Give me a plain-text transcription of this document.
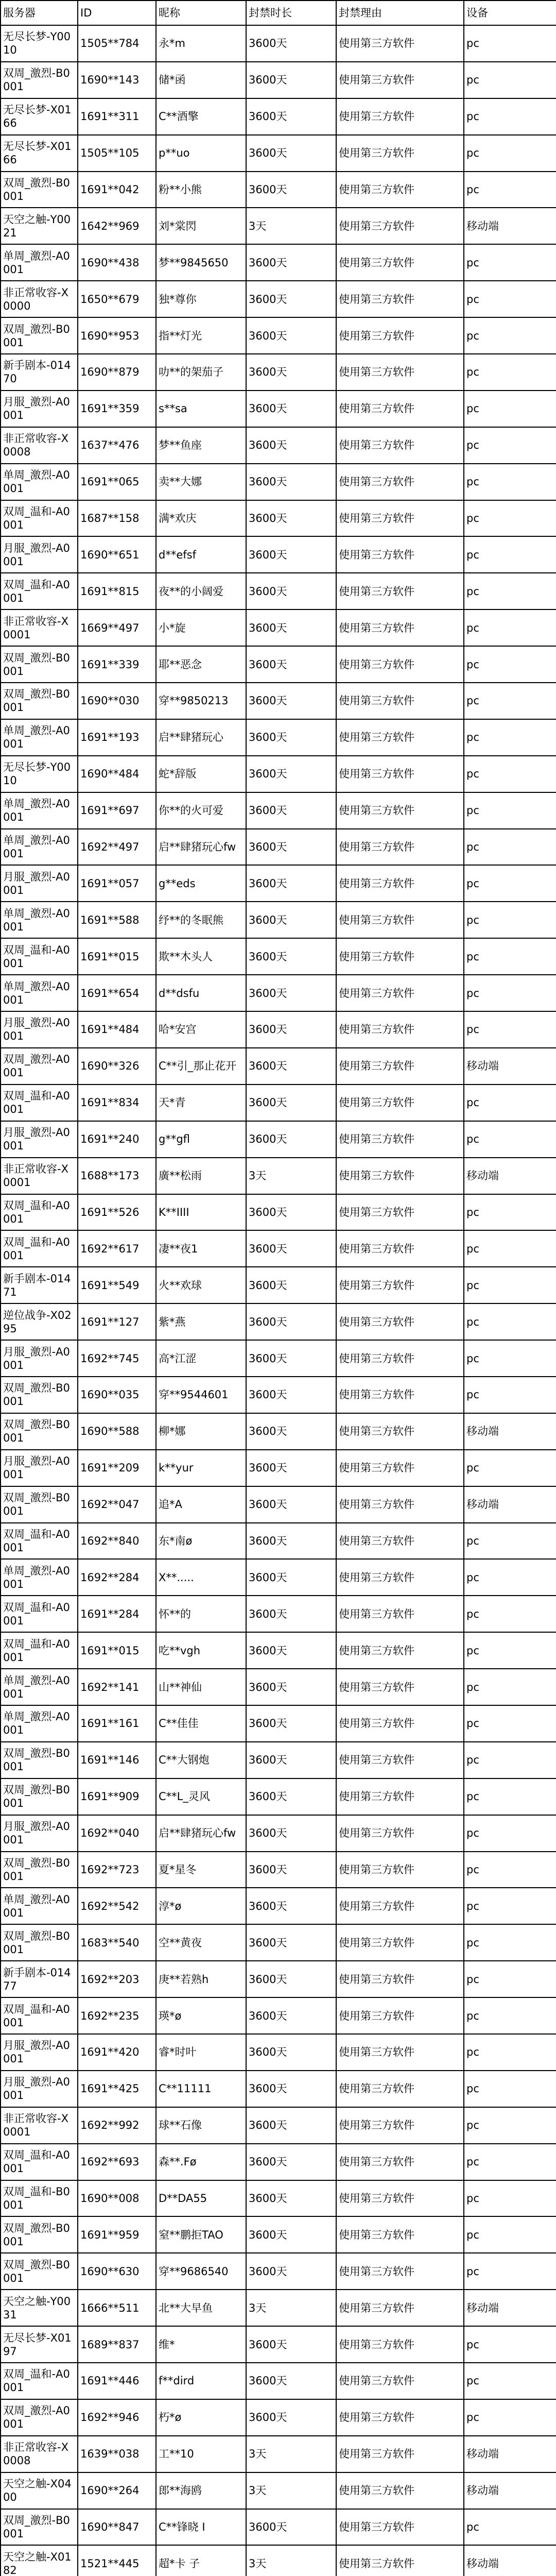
服务器	ID	昵称	封禁时长	封禁理由	设备
无尽长梦-Y0010	1505**784	永*m	3600天	使用第三方软件	pc
双周_激烈-B0001	1690**143	储*函	3600天	使用第三方软件	pc
无尽长梦-X0166	1691**311	C**酒擎	3600天	使用第三方软件	pc
无尽长梦-X0166	1505**105	p**uo	3600天	使用第三方软件	pc
双周_激烈-B0001	1691**042	粉**小熊	3600天	使用第三方软件	pc
天空之触-Y0021	1642**969	刘*棠閃	3天	使用第三方软件	移动端
单周_激烈-A0001	1690**438	梦**9845650	3600天	使用第三方软件	pc
非正常收容-X0000	1650**679	独*尊你	3600天	使用第三方软件	pc
双周_激烈-B0001	1690**953	指**灯光	3600天	使用第三方软件	pc
新手剧本-01470	1690**879	叻**的架茄子	3600天	使用第三方软件	pc
月服_激烈-A0001	1691**359	s**sa	3600天	使用第三方软件	pc
非正常收容-X0008	1637**476	梦**鱼座	3600天	使用第三方软件	pc
单周_激烈-A0001	1691**065	卖**大娜	3600天	使用第三方软件	pc
双周_温和-A0001	1687**158	满*欢庆	3600天	使用第三方软件	pc
月服_激烈-A0001	1690**651	d**efsf	3600天	使用第三方软件	pc
双周_温和-A0001	1691**815	夜**的小阔爱	3600天	使用第三方软件	pc
非正常收容-X0001	1669**497	小*旋	3600天	使用第三方软件	pc
双周_激烈-B0001	1691**339	耶**恶念	3600天	使用第三方软件	pc
双周_激烈-B0001	1690**030	穿**9850213	3600天	使用第三方软件	pc
单周_激烈-A0001	1691**193	启**肆猪玩心	3600天	使用第三方软件	pc
无尽长梦-Y0010	1690**484	蛇*辞版	3600天	使用第三方软件	pc
单周_激烈-A0001	1691**697	你**的火可爱	3600天	使用第三方软件	pc
单周_激烈-A0001	1692**497	启**肆猪玩心fw	3600天	使用第三方软件	pc
月服_激烈-A0001	1691**057	g**eds	3600天	使用第三方软件	pc
单周_激烈-A0001	1691**588	纾**的冬眠熊	3600天	使用第三方软件	pc
双周_温和-A0001	1691**015	欺**木头人	3600天	使用第三方软件	pc
单周_激烈-A0001	1691**654	d**dsfu	3600天	使用第三方软件	pc
月服_激烈-A0001	1691**484	哈*安宫	3600天	使用第三方软件	pc
双周_激烈-A0001	1690**326	C**引_那止花开	3600天	使用第三方软件	移动端
双周_温和-A0001	1691**834	天*青	3600天	使用第三方软件	pc
月服_激烈-A0001	1691**240	g**gfl	3600天	使用第三方软件	pc
非正常收容-X0001	1688**173	廣**松雨	3天	使用第三方软件	移动端
双周_温和-A0001	1691**526	K**IIII	3600天	使用第三方软件	pc
双周_温和-A0001	1692**617	凄**夜1	3600天	使用第三方软件	pc
新手剧本-01471	1691**549	火**欢球	3600天	使用第三方软件	pc
逆位战争-X0295	1691**127	紫*燕	3600天	使用第三方软件	pc
月服_激烈-A0001	1692**745	高*江涩	3600天	使用第三方软件	pc
双周_激烈-B0001	1690**035	穿**9544601	3600天	使用第三方软件	pc
双周_激烈-B0001	1690**588	柳*娜	3600天	使用第三方软件	移动端
月服_激烈-A0001	1691**209	k**yur	3600天	使用第三方软件	pc
双周_激烈-B0001	1692**047	追*A	3600天	使用第三方软件	移动端
双周_温和-A0001	1692**840	东*南ø	3600天	使用第三方软件	pc
单周_激烈-A0001	1692**284	X**.....	3600天	使用第三方软件	pc
双周_温和-A0001	1691**284	怀**的	3600天	使用第三方软件	pc
双周_温和-A0001	1691**015	吃**vgh	3600天	使用第三方软件	pc
单周_激烈-A0001	1692**141	山**神仙	3600天	使用第三方软件	pc
单周_激烈-A0001	1691**161	C**佳佳	3600天	使用第三方软件	pc
双周_激烈-B0001	1691**146	C**大钢炮	3600天	使用第三方软件	pc
双周_激烈-B0001	1691**909	C**L_灵风	3600天	使用第三方软件	pc
月服_激烈-A0001	1692**040	启**肆猪玩心fw	3600天	使用第三方软件	pc
双周_激烈-B0001	1692**723	夏*星冬	3600天	使用第三方软件	pc
单周_激烈-A0001	1692**542	淳*ø	3600天	使用第三方软件	pc
双周_激烈-B0001	1683**540	空**黄夜	3600天	使用第三方软件	pc
新手剧本-01477	1692**203	庚**若熟h	3600天	使用第三方软件	pc
双周_温和-A0001	1692**235	瑛*ø	3600天	使用第三方软件	pc
月服_激烈-A0001	1691**420	睿*时叶	3600天	使用第三方软件	pc
月服_激烈-A0001	1691**425	C**11111	3600天	使用第三方软件	pc
非正常收容-X0001	1692**992	球**石像	3600天	使用第三方软件	pc
双周_温和-A0001	1692**693	森**.Fø	3600天	使用第三方软件	pc
双周_温和-B0001	1690**008	D**DA55	3600天	使用第三方软件	pc
双周_激烈-B0001	1691**959	窒**鹏拒TAO	3600天	使用第三方软件	pc
双周_激烈-B0001	1690**630	穿**9686540	3600天	使用第三方软件	pc
天空之触-Y0031	1666**511	北**大早鱼	3天	使用第三方软件	移动端
无尽长梦-X0197	1689**837	维*	3600天	使用第三方软件	pc
双周_温和-A0001	1691**446	f**dird	3600天	使用第三方软件	pc
双周_激烈-A0001	1692**946	朽*ø	3600天	使用第三方软件	pc
非正常收容-X0008	1639**038	工**10	3天	使用第三方软件	移动端
天空之触-X0400	1690**264	郎**海鸥	3天	使用第三方软件	移动端
双周_激烈-B0001	1690**847	C**锋晓 I	3600天	使用第三方软件	pc
天空之触-X0182	1521**445	超*卡 子	3天	使用第三方软件	移动端
